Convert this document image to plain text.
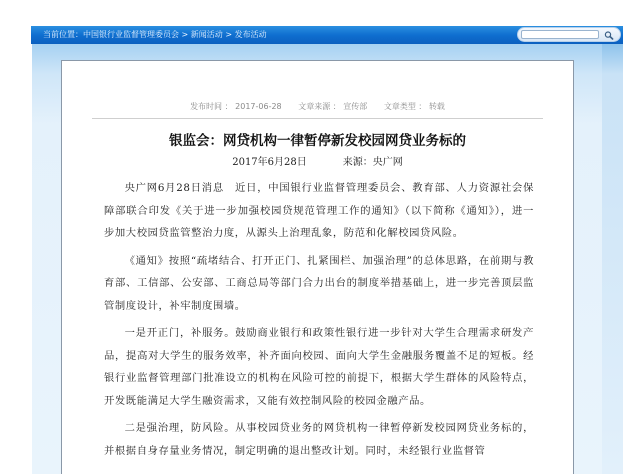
当前位置：中国银行业监督管理委员会 > 新闻活动 > 发布活动
发布时间 ： 2017-06-28 文章来源 ： 宣传部 文章类型 ： 转载
银监会：网贷机构一律暂停新发校园网贷业务标的
2017年6月28日	来源：央广网

央广网6月28日消息　近日，中国银行业监督管理委员会、教育部、人力资源社会保障部联合印发《关于进一步加强校园贷规范管理工作的通知》（以下简称《通知》），进一步加大校园贷监管整治力度，从源头上治理乱象，防范和化解校园贷风险。

《通知》按照“疏堵结合、打开正门、扎紧围栏、加强治理”的总体思路，在前期与教育部、工信部、公安部、工商总局等部门合力出台的制度举措基础上，进一步完善顶层监管制度设计，补牢制度围墙。

一是开正门，补服务。鼓励商业银行和政策性银行进一步针对大学生合理需求研发产品，提高对大学生的服务效率，补齐面向校园、面向大学生金融服务覆盖不足的短板。经银行业监督管理部门批准设立的机构在风险可控的前提下，根据大学生群体的风险特点，开发既能满足大学生融资需求，又能有效控制风险的校园金融产品。

二是强治理，防风险。从事校园贷业务的网贷机构一律暂停新发校园网贷业务标的，并根据自身存量业务情况，制定明确的退出整改计划。同时，未经银行业监督管
